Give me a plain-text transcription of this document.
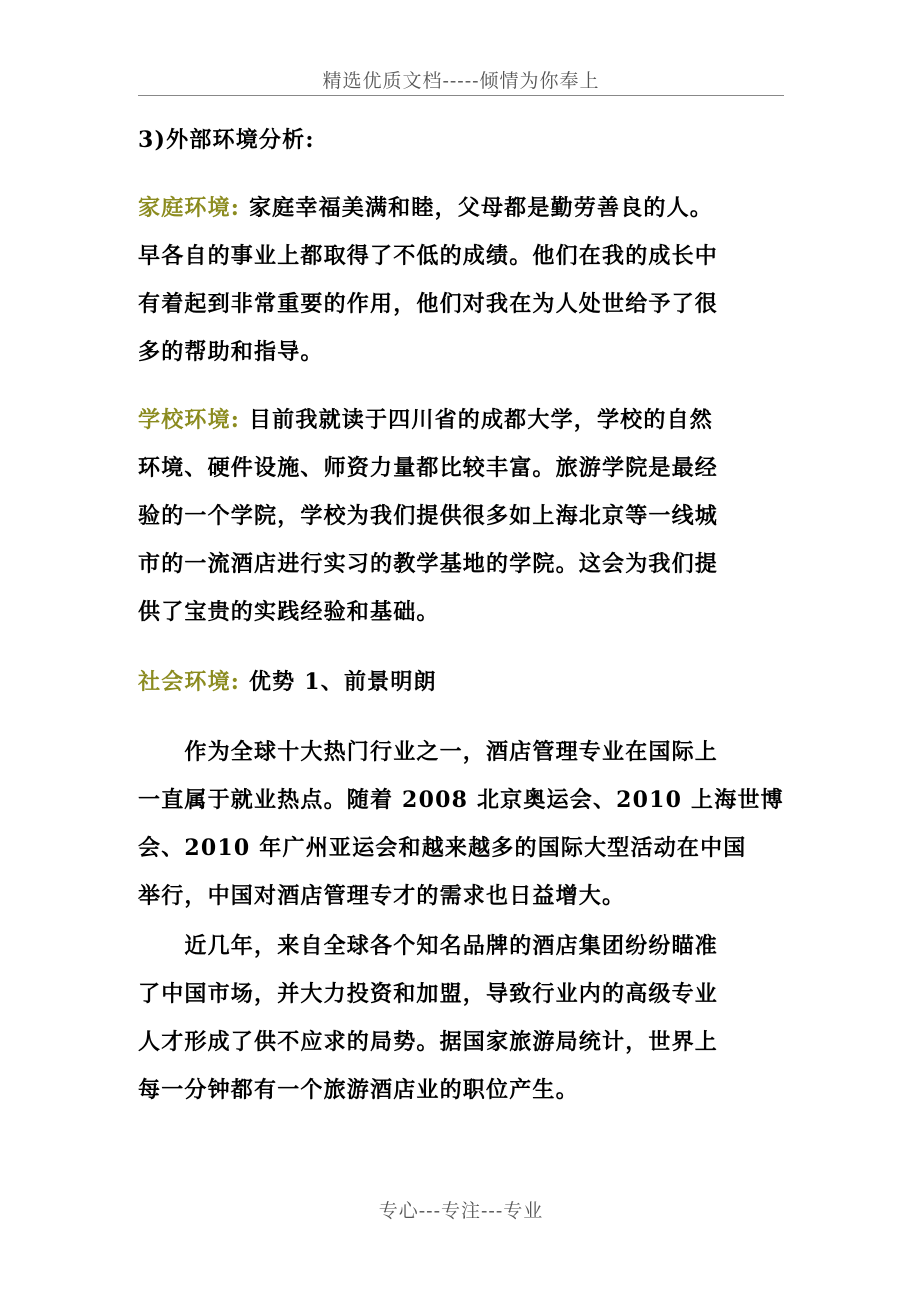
精选优质文档-----倾情为你奉上
3)外部环境分析:
家庭环境: 家庭幸福美满和睦，父母都是勤劳善良的人。
早各自的事业上都取得了不低的成绩。他们在我的成长中
有着起到非常重要的作用，他们对我在为人处世给予了很
多的帮助和指导。
学校环境: 目前我就读于四川省的成都大学，学校的自然
环境、硬件设施、师资力量都比较丰富。旅游学院是最经
验的一个学院，学校为我们提供很多如上海北京等一线城
市的一流酒店进行实习的教学基地的学院。这会为我们提
供了宝贵的实践经验和基础。
社会环境: 优势 1、前景明朗
　　作为全球十大热门行业之一，酒店管理专业在国际上
一直属于就业热点。随着 2008 北京奥运会、2010 上海世博
会、2010 年广州亚运会和越来越多的国际大型活动在中国
举行，中国对酒店管理专才的需求也日益增大。
　　近几年，来自全球各个知名品牌的酒店集团纷纷瞄准
了中国市场，并大力投资和加盟，导致行业内的高级专业
人才形成了供不应求的局势。据国家旅游局统计，世界上
每一分钟都有一个旅游酒店业的职位产生。
专心---专注---专业
